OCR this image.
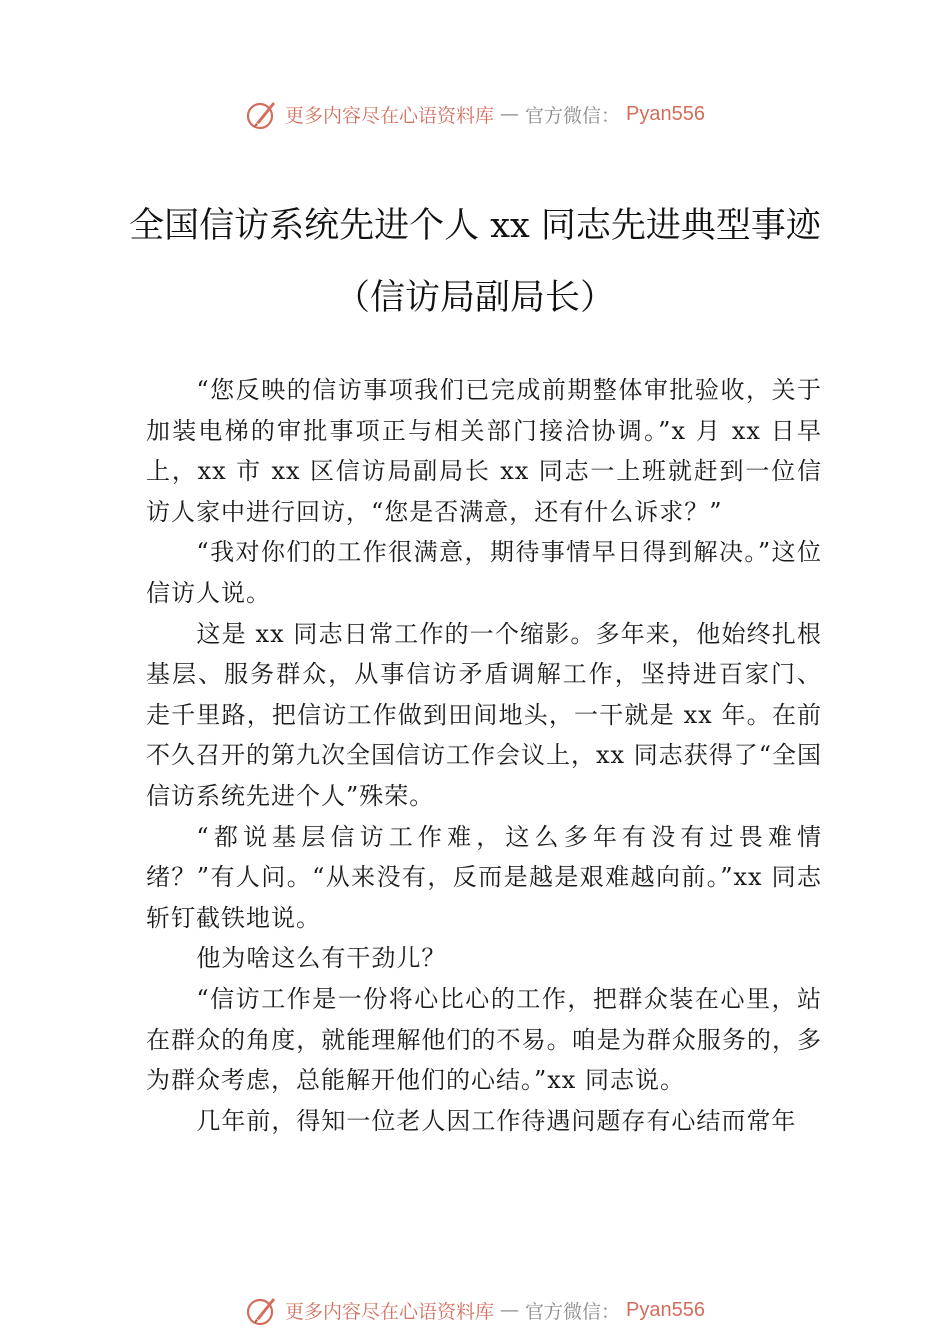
更多内容尽在心语资料库 — 官方微信： Pyan556
全国信访系统先进个人 xx 同志先进典型事迹（信访局副局长）

“您反映的信访事项我们已完成前期整体审批验收，关于加装电梯的审批事项正与相关部门接洽协调。”x 月 xx 日早上，xx 市 xx 区信访局副局长 xx 同志一上班就赶到一位信访人家中进行回访，“您是否满意，还有什么诉求？”

“我对你们的工作很满意，期待事情早日得到解决。”这位信访人说。

这是 xx 同志日常工作的一个缩影。多年来，他始终扎根基层、服务群众，从事信访矛盾调解工作，坚持进百家门、 走千里路，把信访工作做到田间地头，一干就是 xx 年。在前不久召开的第九次全国信访工作会议上，xx 同志获得了“全国信访系统先进个人”殊荣。

“都说基层信访工作难，这么多年有没有过畏难情绪？”有人问。“从来没有，反而是越是艰难越向前。”xx 同志斩钉截铁地说。

他为啥这么有干劲儿？

“信访工作是一份将心比心的工作，把群众装在心里，站在群众的角度，就能理解他们的不易。咱是为群众服务的，多为群众考虑，总能解开他们的心结。”xx 同志说。

几年前，得知一位老人因工作待遇问题存有心结而常年

更多内容尽在心语资料库 — 官方微信： Pyan556
